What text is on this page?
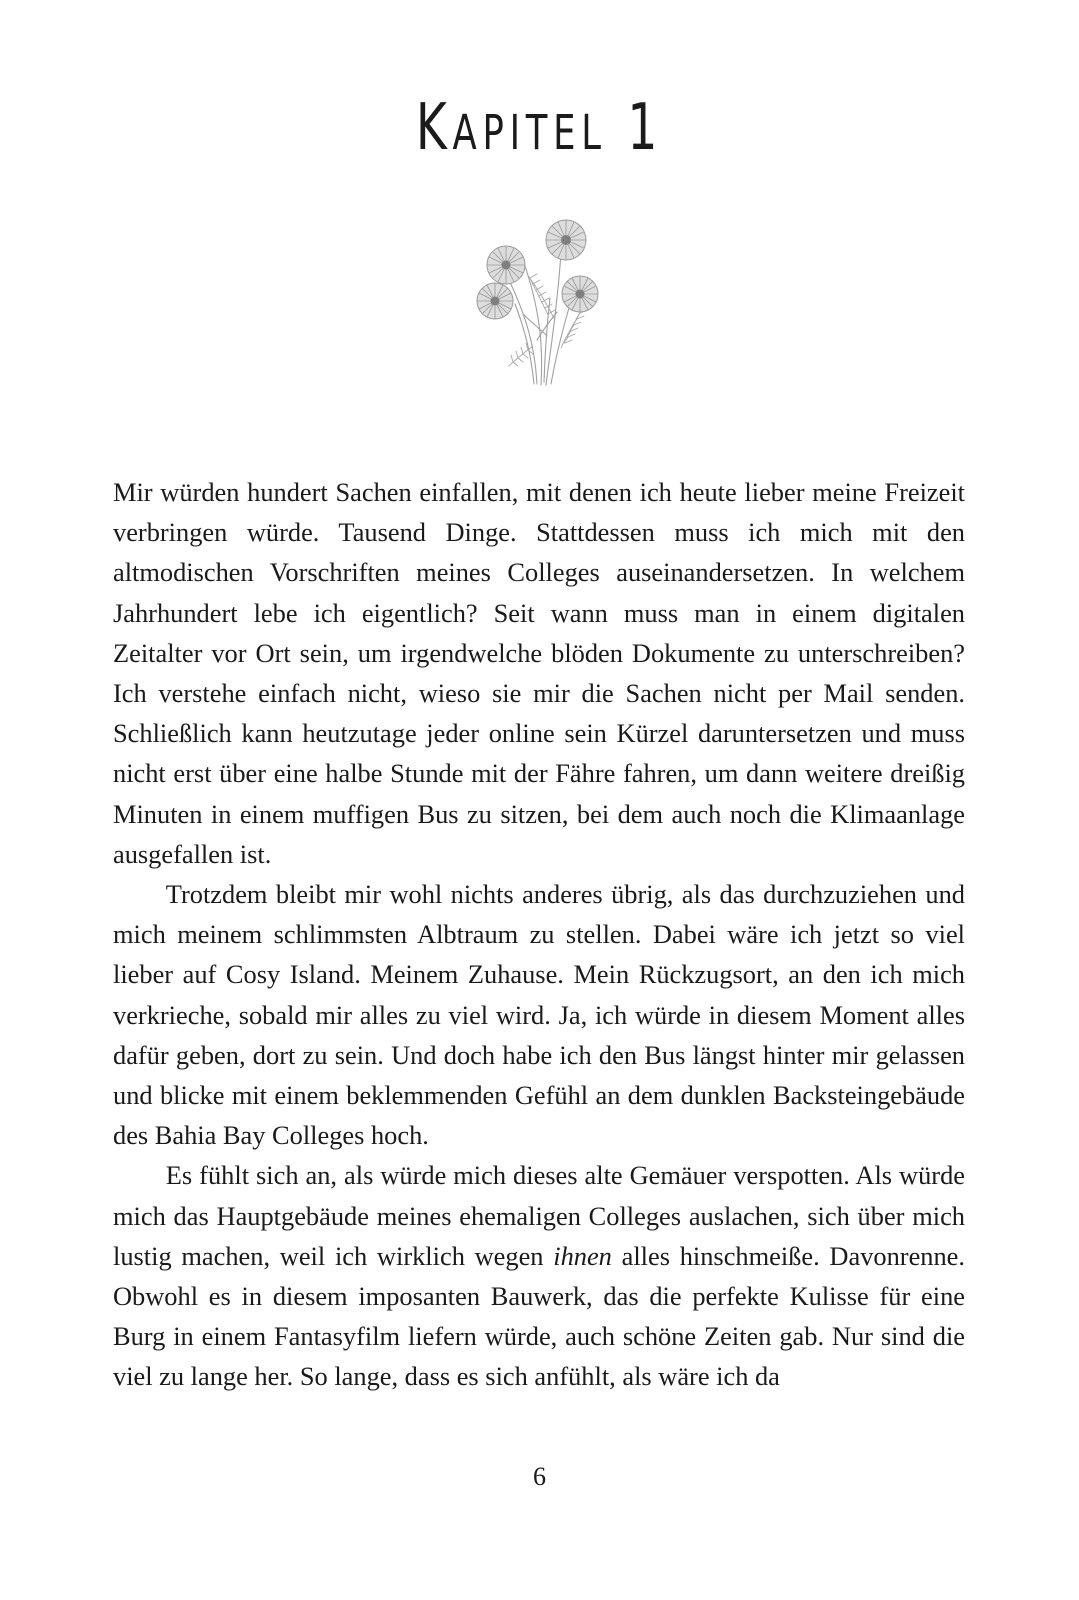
KAPITEL 1

Mir würden hundert Sachen einfallen, mit denen ich heute lieber meine Freizeit verbringen würde. Tausend Dinge. Stattdessen muss ich mich mit den altmodischen Vorschriften meines Colleges auseinandersetzen. In welchem Jahrhundert lebe ich eigentlich? Seit wann muss man in einem digitalen Zeitalter vor Ort sein, um irgendwelche blöden Dokumente zu unterschreiben? Ich verstehe einfach nicht, wieso sie mir die Sachen nicht per Mail senden. Schließlich kann heutzutage jeder online sein Kürzel daruntersetzen und muss nicht erst über eine halbe Stunde mit der Fähre fahren, um dann weitere dreißig Minuten in einem muffigen Bus zu sitzen, bei dem auch noch die Klimaanlage ausgefallen ist.

Trotzdem bleibt mir wohl nichts anderes übrig, als das durchzuziehen und mich meinem schlimmsten Albtraum zu stellen. Dabei wäre ich jetzt so viel lieber auf Cosy Island. Meinem Zuhause. Mein Rückzugsort, an den ich mich verkrieche, sobald mir alles zu viel wird. Ja, ich würde in diesem Moment alles dafür geben, dort zu sein. Und doch habe ich den Bus längst hinter mir gelassen und blicke mit einem beklemmenden Gefühl an dem dunklen Backsteingebäude des Bahia Bay Colleges hoch.

Es fühlt sich an, als würde mich dieses alte Gemäuer verspotten. Als würde mich das Hauptgebäude meines ehemaligen Colleges auslachen, sich über mich lustig machen, weil ich wirklich wegen ihnen alles hinschmeiße. Davonrenne. Obwohl es in diesem imposanten Bauwerk, das die perfekte Kulisse für eine Burg in einem Fantasyfilm liefern würde, auch schöne Zeiten gab. Nur sind die viel zu lange her. So lange, dass es sich anfühlt, als wäre ich da

6
